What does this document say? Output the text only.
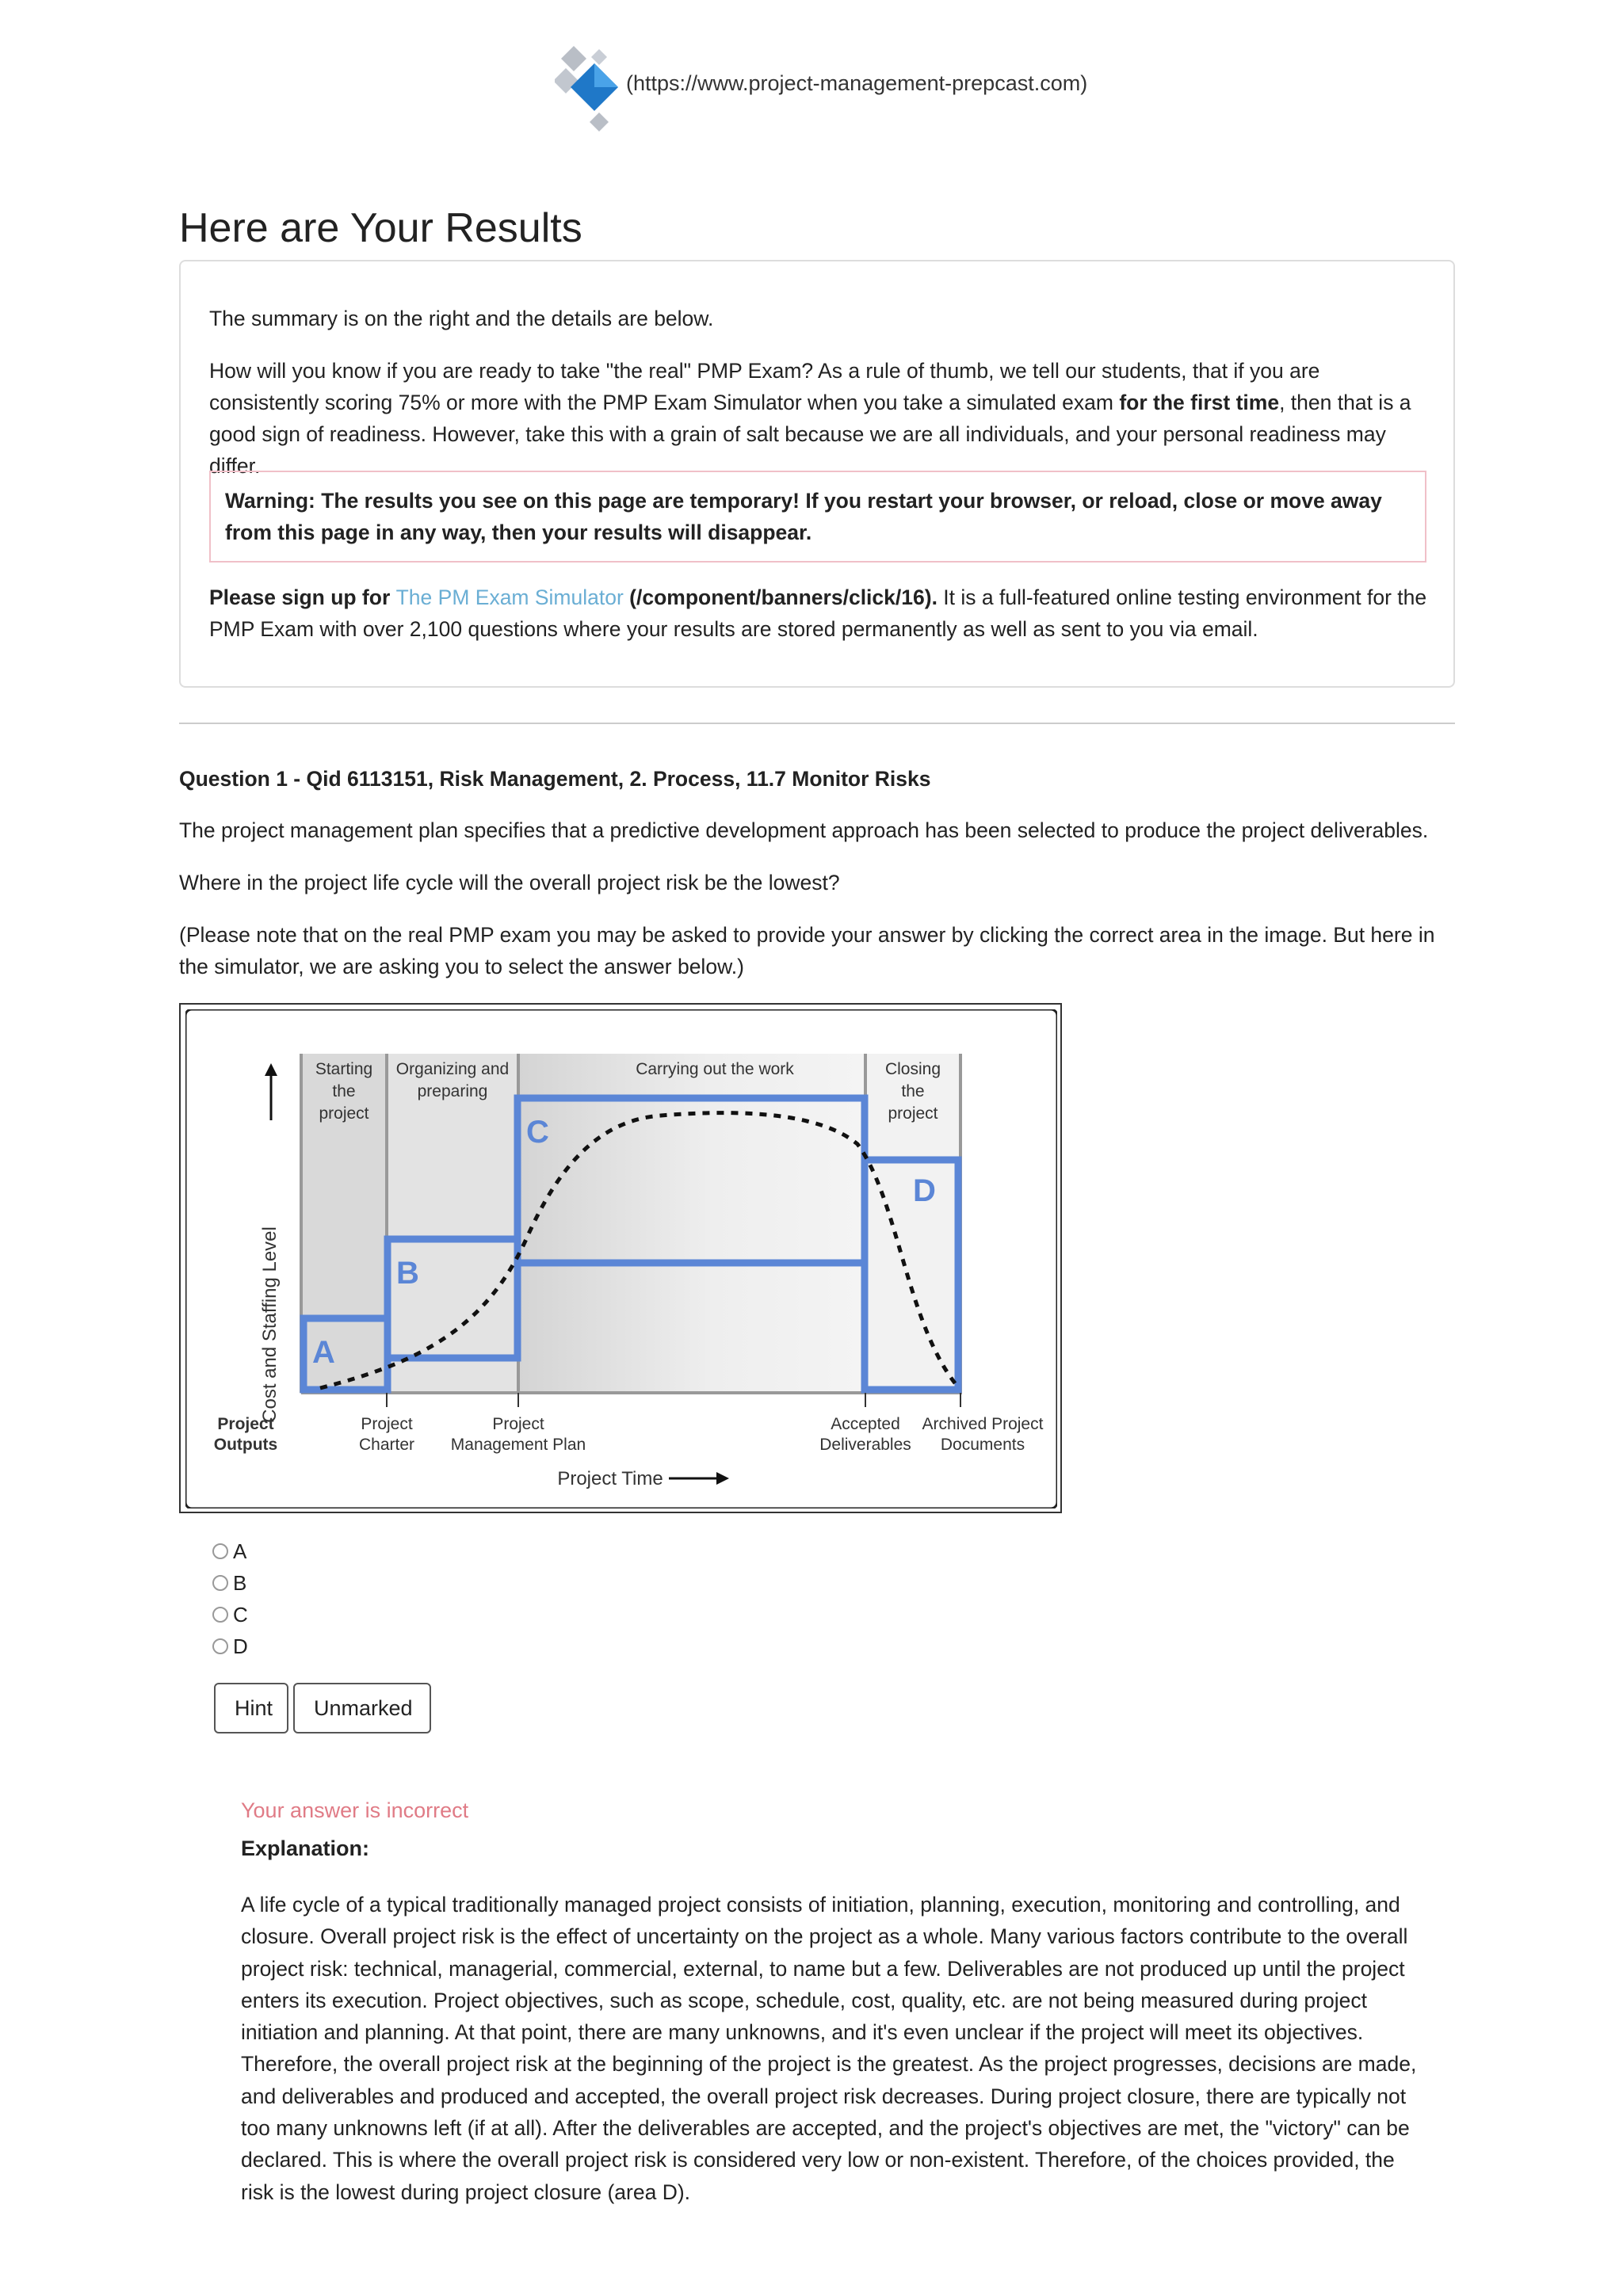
(https://www.project-management-prepcast.com)
Here are Your Results

The summary is on the right and the details are below.

How will you know if you are ready to take "the real" PMP Exam? As a rule of thumb, we tell our students, that if you are consistently scoring 75% or more with the PMP Exam Simulator when you take a simulated exam for the first time, then that is a good sign of readiness. However, take this with a grain of salt because we are all individuals, and your personal readiness may differ.

Warning: The results you see on this page are temporary! If you restart your browser, or reload, close or move away from this page in any way, then your results will disappear.

Please sign up for The PM Exam Simulator (/component/banners/click/16). It is a full-featured online testing environment for the PMP Exam with over 2,100 questions where your results are stored permanently as well as sent to you via email.

Question 1 - Qid 6113151, Risk Management, 2. Process, 11.7 Monitor Risks

The project management plan specifies that a predictive development approach has been selected to produce the project deliverables.

Where in the project life cycle will the overall project risk be the lowest?

(Please note that on the real PMP exam you may be asked to provide your answer by clicking the correct area in the image. But here in the simulator, we are asking you to select the answer below.)

Starting
the
project
Organizing and
preparing
Carrying out the work	Closing
the
project
Cost and Staffing Level A
B
C
D
Project
Outputs
Project
Charter
Project
Management Plan
Accepted
Deliverables
Archived Project
Documents
Project Time
A
B
C
D
Hint	Unmarked
Your answer is incorrect
Explanation:

A life cycle of a typical traditionally managed project consists of initiation, planning, execution, monitoring and controlling, and closure. Overall project risk is the effect of uncertainty on the project as a whole. Many various factors contribute to the overall project risk: technical, managerial, commercial, external, to name but a few. Deliverables are not produced up until the project enters its execution. Project objectives, such as scope, schedule, cost, quality, etc. are not being measured during project initiation and planning. At that point, there are many unknowns, and it's even unclear if the project will meet its objectives. Therefore, the overall project risk at the beginning of the project is the greatest. As the project progresses, decisions are made, and deliverables and produced and accepted, the overall project risk decreases. During project closure, there are typically not too many unknowns left (if at all). After the deliverables are accepted, and the project's objectives are met, the "victory" can be declared. This is where the overall project risk is considered very low or non-existent. Therefore, of the choices provided, the risk is the lowest during project closure (area D).
